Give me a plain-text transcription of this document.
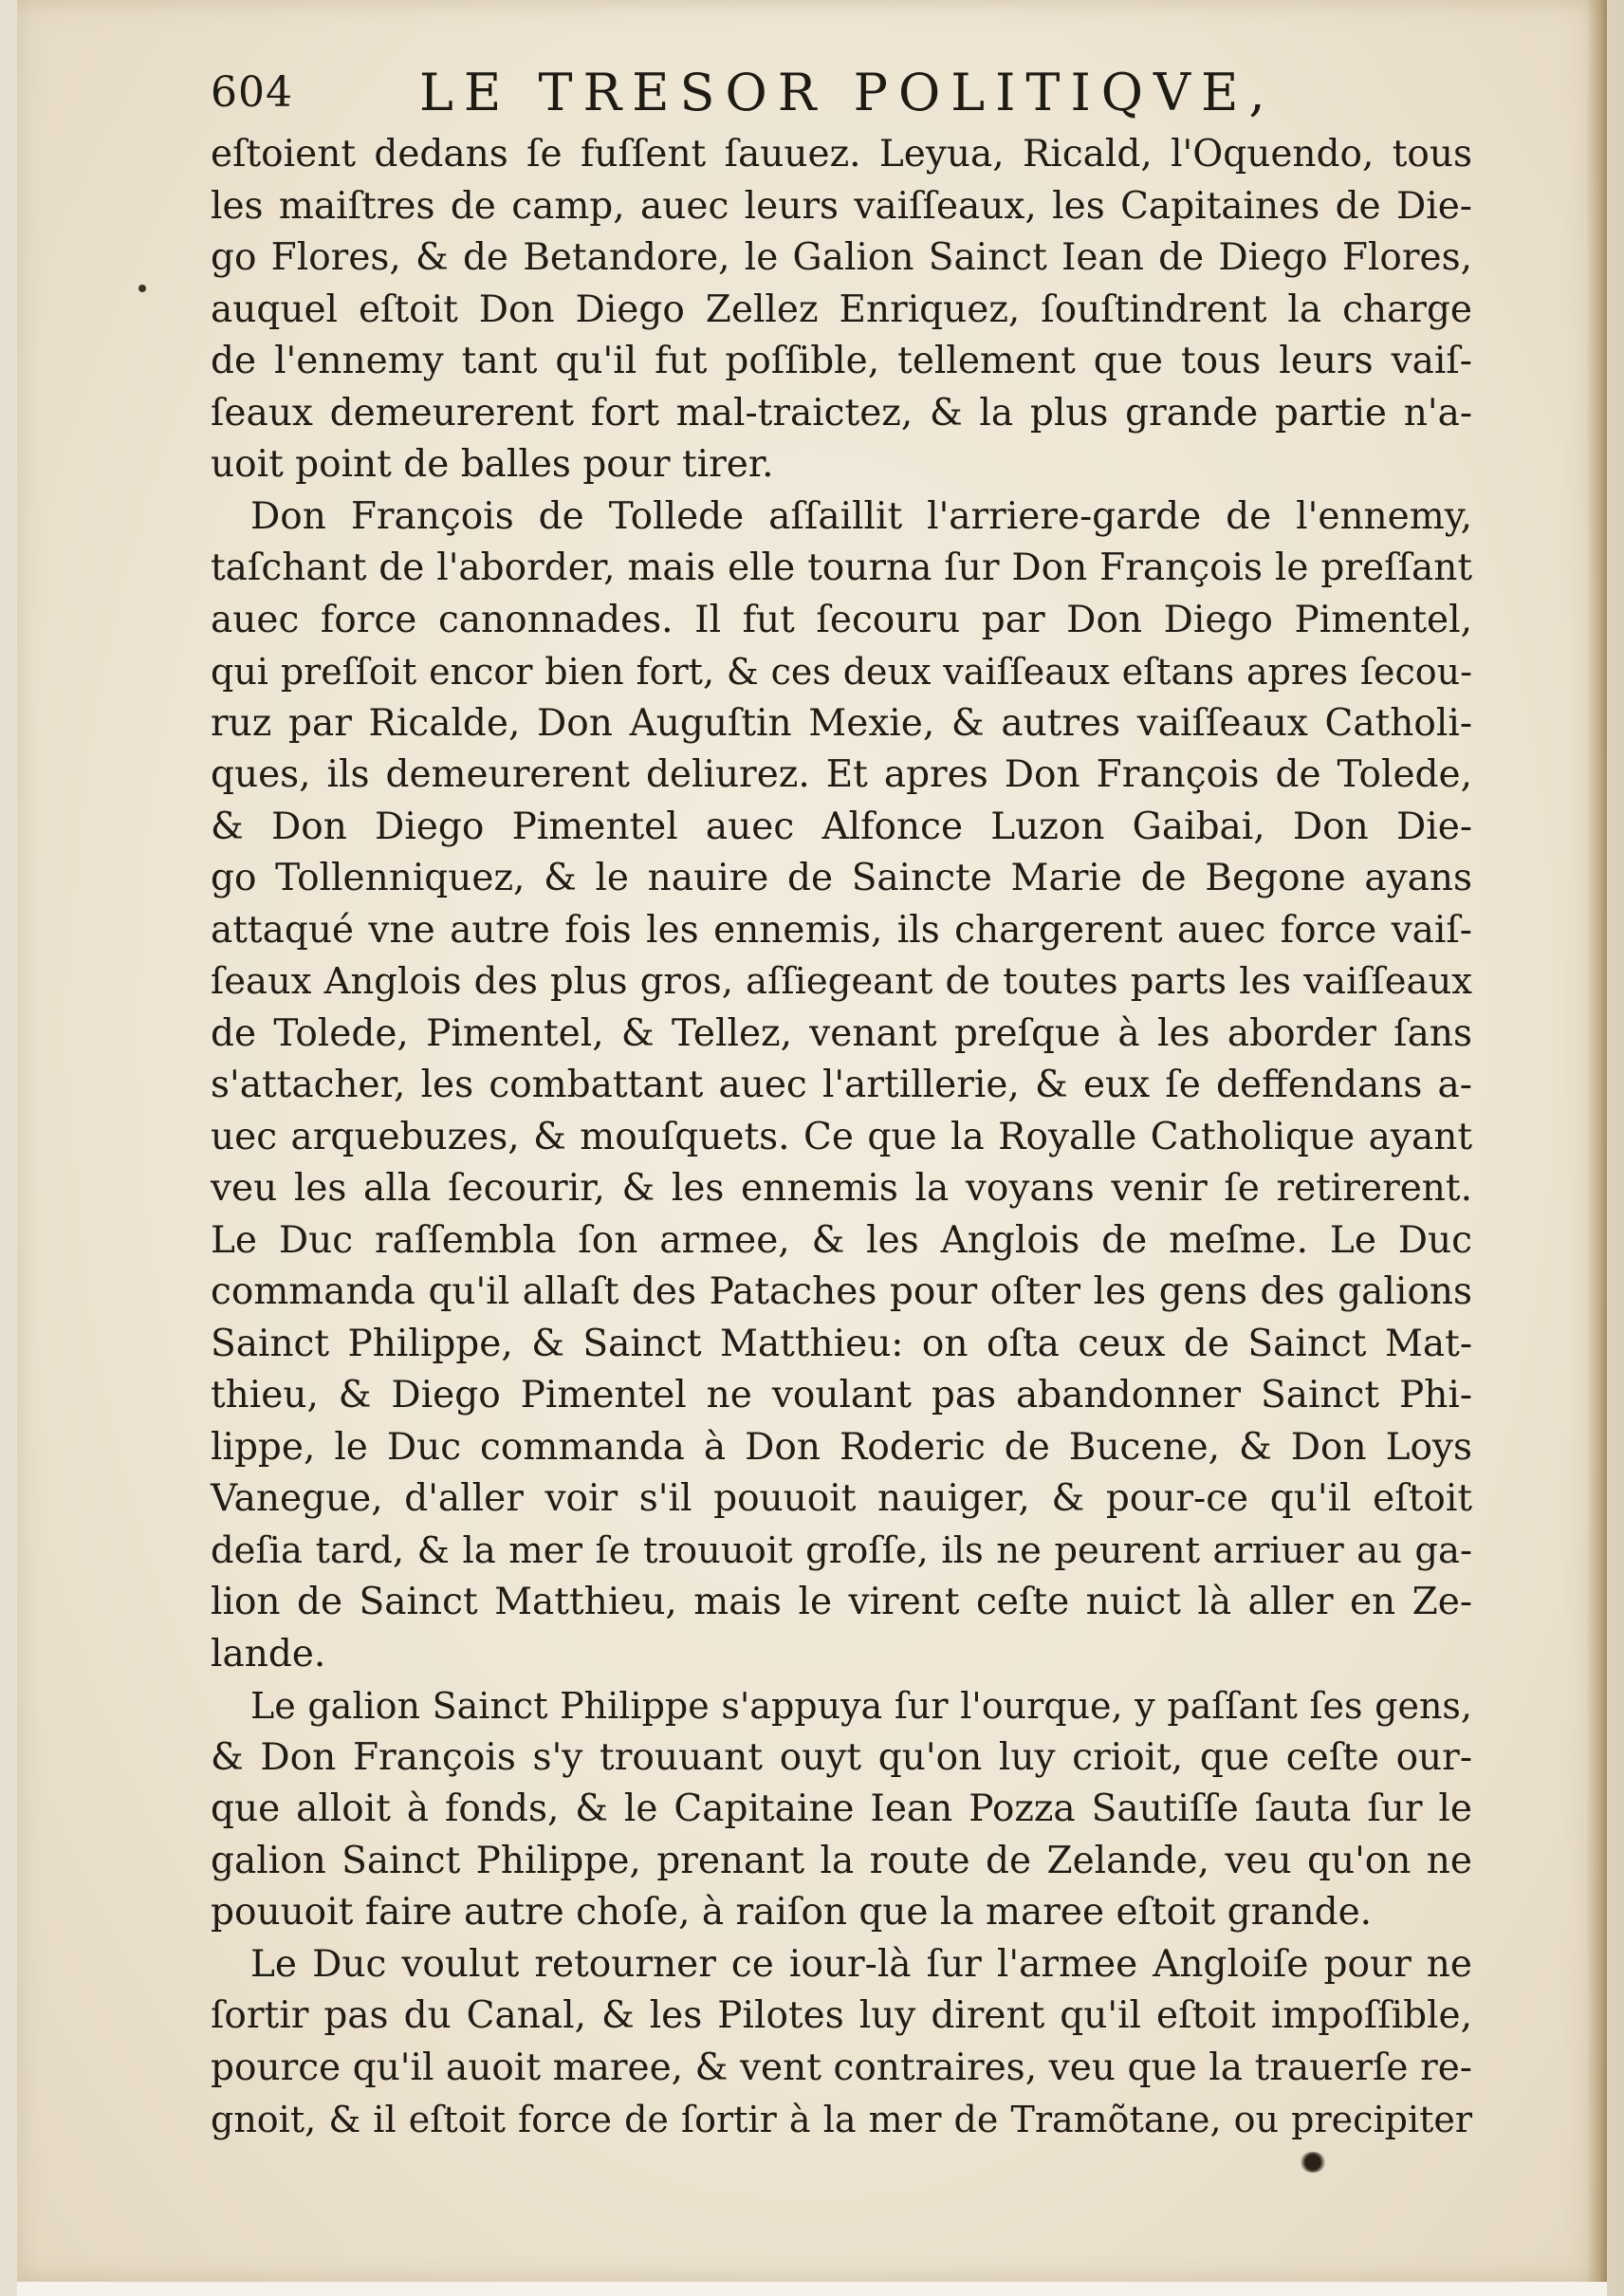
604 LE TRESOR POLITIQVE,
eſtoient dedans ſe fuſſent ſauuez. Leyua, Ricald, l'Oquendo, tous
les maiſtres de camp, auec leurs vaiſſeaux, les Capitaines de Die-
go Flores, & de Betandore, le Galion Sainct Iean de Diego Flores,
auquel eſtoit Don Diego Zellez Enriquez, ſouſtindrent la charge
de l'ennemy tant qu'il fut poſſible, tellement que tous leurs vaiſ-
ſeaux demeurerent fort mal-traictez, & la plus grande partie n'a-
uoit point de balles pour tirer.
Don François de Tollede aſſaillit l'arriere-garde de l'ennemy,
taſchant de l'aborder, mais elle tourna ſur Don François le preſſant
auec force canonnades. Il fut ſecouru par Don Diego Pimentel,
qui preſſoit encor bien fort, & ces deux vaiſſeaux eſtans apres ſecou-
ruz par Ricalde, Don Auguſtin Mexie, & autres vaiſſeaux Catholi-
ques, ils demeurerent deliurez. Et apres Don François de Tolede,
& Don Diego Pimentel auec Alfonce Luzon Gaibai, Don Die-
go Tollenniquez, & le nauire de Saincte Marie de Begone ayans
attaqué vne autre fois les ennemis, ils chargerent auec force vaiſ-
ſeaux Anglois des plus gros, aſſiegeant de toutes parts les vaiſſeaux
de Tolede, Pimentel, & Tellez, venant preſque à les aborder ſans
s'attacher, les combattant auec l'artillerie, & eux ſe deffendans a-
uec arquebuzes, & mouſquets. Ce que la Royalle Catholique ayant
veu les alla ſecourir, & les ennemis la voyans venir ſe retirerent.
Le Duc raſſembla ſon armee, & les Anglois de meſme. Le Duc
commanda qu'il allaſt des Pataches pour oſter les gens des galions
Sainct Philippe, & Sainct Matthieu: on oſta ceux de Sainct Mat-
thieu, & Diego Pimentel ne voulant pas abandonner Sainct Phi-
lippe, le Duc commanda à Don Roderic de Bucene, & Don Loys
Vanegue, d'aller voir s'il pouuoit nauiger, & pour-ce qu'il eſtoit
deſia tard, & la mer ſe trouuoit groſſe, ils ne peurent arriuer au ga-
lion de Sainct Matthieu, mais le virent ceſte nuict là aller en Ze-
lande.
Le galion Sainct Philippe s'appuya ſur l'ourque, y paſſant ſes gens,
& Don François s'y trouuant ouyt qu'on luy crioit, que ceſte our-
que alloit à fonds, & le Capitaine Iean Pozza Sautiſſe ſauta ſur le
galion Sainct Philippe, prenant la route de Zelande, veu qu'on ne
pouuoit faire autre choſe, à raiſon que la maree eſtoit grande.
Le Duc voulut retourner ce iour-là ſur l'armee Angloiſe pour ne
ſortir pas du Canal, & les Pilotes luy dirent qu'il eſtoit impoſſible,
pource qu'il auoit maree, & vent contraires, veu que la trauerſe re-
gnoit, & il eſtoit force de ſortir à la mer de Tramõtane, ou precipiter
